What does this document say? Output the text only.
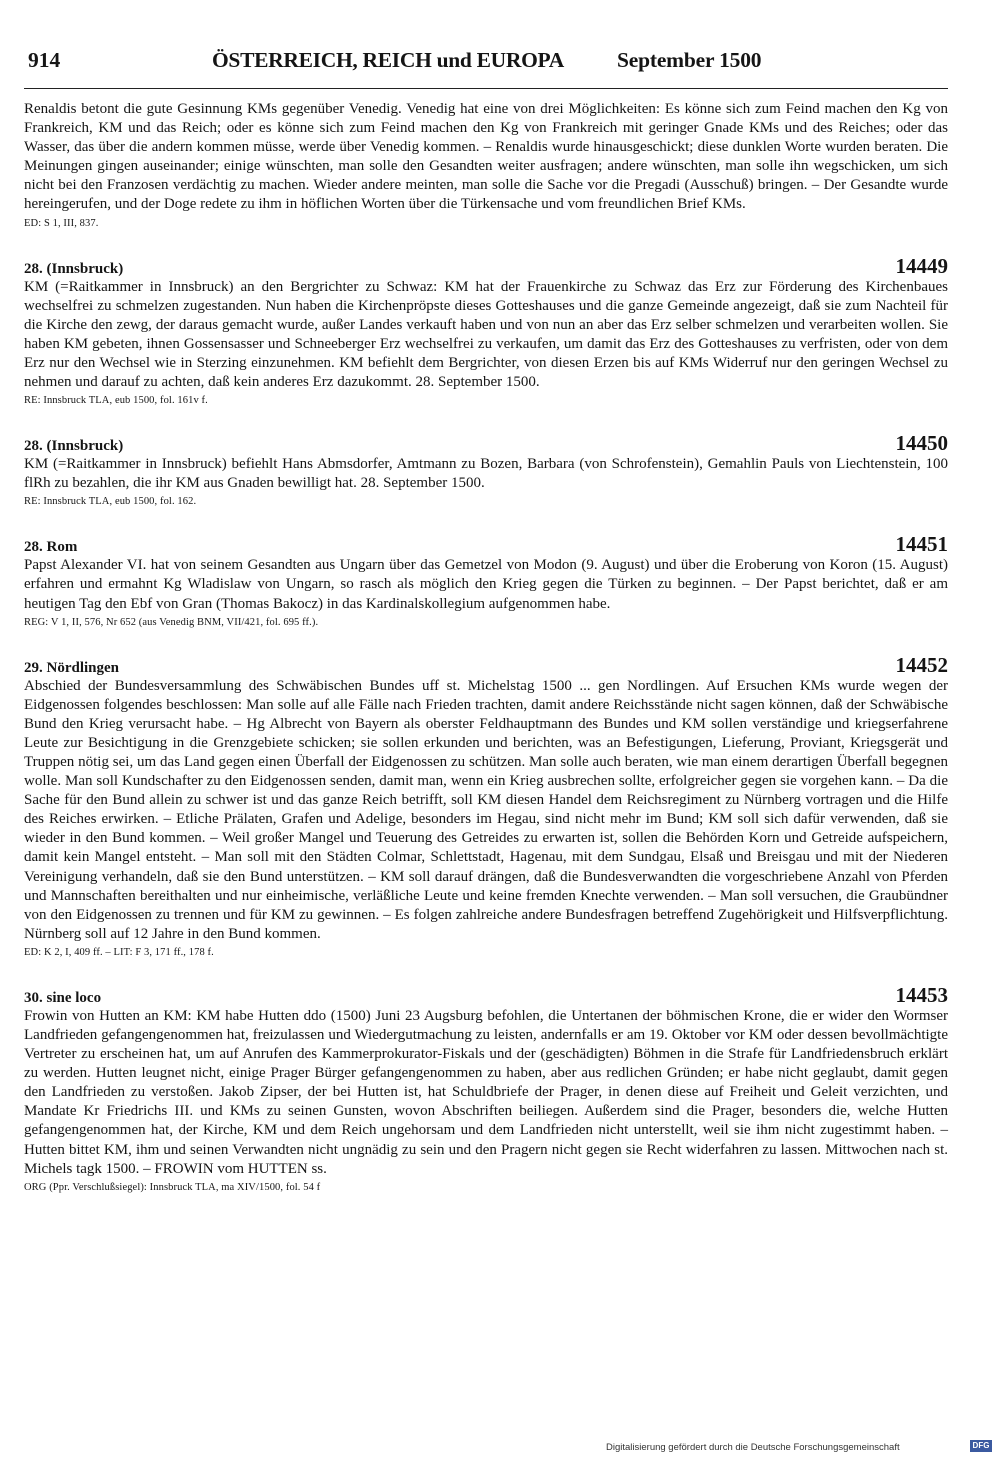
914	ÖSTERREICH, REICH und EUROPA September 1500

Renaldis betont die gute Gesinnung KMs gegenüber Venedig. Venedig hat eine von drei Möglichkeiten: Es könne sich zum Feind machen den Kg von Frankreich, KM und das Reich; oder es könne sich zum Feind machen den Kg von Frankreich mit geringer Gnade KMs und des Reiches; oder das Wasser, das über die andern kommen müsse, werde über Venedig kommen. – Renaldis wurde hinausgeschickt; diese dunklen Worte wurden beraten. Die Meinungen gingen auseinander; einige wünschten, man solle den Gesandten weiter ausfragen; andere wünschten, man solle ihn wegschicken, um sich nicht bei den Franzosen verdächtig zu machen. Wieder andere meinten, man solle die Sache vor die Pregadi (Ausschuß) bringen. – Der Gesandte wurde hereingerufen, und der Doge redete zu ihm in höflichen Worten über die Türkensache und vom freundlichen Brief KMs.

ED: S 1, III, 837.

28. (Innsbruck)	14449

KM (=Raitkammer in Innsbruck) an den Bergrichter zu Schwaz: KM hat der Frauenkirche zu Schwaz das Erz zur Förderung des Kirchenbaues wechselfrei zu schmelzen zugestanden. Nun haben die Kirchenpröpste dieses Gotteshauses und die ganze Gemeinde angezeigt, daß sie zum Nachteil für die Kirche den zewg, der daraus gemacht wurde, außer Landes verkauft haben und von nun an aber das Erz selber schmelzen und verarbeiten wollen. Sie haben KM gebeten, ihnen Gossensasser und Schneeberger Erz wechselfrei zu verkaufen, um damit das Erz des Gotteshauses zu verfristen, oder von dem Erz nur den Wechsel wie in Sterzing einzunehmen. KM befiehlt dem Bergrichter, von diesen Erzen bis auf KMs Widerruf nur den geringen Wechsel zu nehmen und darauf zu achten, daß kein anderes Erz dazukommt. 28. September 1500.

RE: Innsbruck TLA, eub 1500, fol. 161v f.

28. (Innsbruck)	14450

KM (=Raitkammer in Innsbruck) befiehlt Hans Abmsdorfer, Amtmann zu Bozen, Barbara (von Schrofenstein), Gemahlin Pauls von Liechtenstein, 100 flRh zu bezahlen, die ihr KM aus Gnaden bewilligt hat. 28. September 1500.

RE: Innsbruck TLA, eub 1500, fol. 162.

28. Rom	14451

Papst Alexander VI. hat von seinem Gesandten aus Ungarn über das Gemetzel von Modon (9. August) und über die Eroberung von Koron (15. August) erfahren und ermahnt Kg Wladislaw von Ungarn, so rasch als möglich den Krieg gegen die Türken zu beginnen. – Der Papst berichtet, daß er am heutigen Tag den Ebf von Gran (Thomas Bakocz) in das Kardinalskollegium aufgenommen habe.

REG: V 1, II, 576, Nr 652 (aus Venedig BNM, VII/421, fol. 695 ff.).

29. Nördlingen	14452

Abschied der Bundesversammlung des Schwäbischen Bundes uff st. Michelstag 1500 ... gen Nordlingen. Auf Ersuchen KMs wurde wegen der Eidgenossen folgendes beschlossen: Man solle auf alle Fälle nach Frieden trachten, damit andere Reichsstände nicht sagen können, daß der Schwäbische Bund den Krieg verursacht habe. – Hg Albrecht von Bayern als oberster Feldhauptmann des Bundes und KM sollen verständige und kriegserfahrene Leute zur Besichtigung in die Grenzgebiete schicken; sie sollen erkunden und berichten, was an Befestigungen, Lieferung, Proviant, Kriegsgerät und Truppen nötig sei, um das Land gegen einen Überfall der Eidgenossen zu schützen. Man solle auch beraten, wie man einem derartigen Überfall begegnen wolle. Man soll Kundschafter zu den Eidgenossen senden, damit man, wenn ein Krieg ausbrechen sollte, erfolgreicher gegen sie vorgehen kann. – Da die Sache für den Bund allein zu schwer ist und das ganze Reich betrifft, soll KM diesen Handel dem Reichsregiment zu Nürnberg vortragen und die Hilfe des Reiches erwirken. – Etliche Prälaten, Grafen und Adelige, besonders im Hegau, sind nicht mehr im Bund; KM soll sich dafür verwenden, daß sie wieder in den Bund kommen. – Weil großer Mangel und Teuerung des Getreides zu erwarten ist, sollen die Behörden Korn und Getreide aufspeichern, damit kein Mangel entsteht. – Man soll mit den Städten Colmar, Schlettstadt, Hagenau, mit dem Sundgau, Elsaß und Breisgau und mit der Niederen Vereinigung verhandeln, daß sie den Bund unterstützen. – KM soll darauf drängen, daß die Bundesverwandten die vorgeschriebene Anzahl von Pferden und Mannschaften bereithalten und nur einheimische, verläßliche Leute und keine fremden Knechte verwenden. – Man soll versuchen, die Graubündner von den Eidgenossen zu trennen und für KM zu gewinnen. – Es folgen zahlreiche andere Bundesfragen betreffend Zugehörigkeit und Hilfsverpflichtung. Nürnberg soll auf 12 Jahre in den Bund kommen.

ED: K 2, I, 409 ff. – LIT: F 3, 171 ff., 178 f.

30. sine loco	14453

Frowin von Hutten an KM: KM habe Hutten ddo (1500) Juni 23 Augsburg befohlen, die Untertanen der böhmischen Krone, die er wider den Wormser Landfrieden gefangengenommen hat, freizulassen und Wiedergutmachung zu leisten, andernfalls er am 19. Oktober vor KM oder dessen bevollmächtigte Vertreter zu erscheinen hat, um auf Anrufen des Kammerprokurator-Fiskals und der (geschädigten) Böhmen in die Strafe für Landfriedensbruch erklärt zu werden. Hutten leugnet nicht, einige Prager Bürger gefangengenommen zu haben, aber aus redlichen Gründen; er habe nicht geglaubt, damit gegen den Landfrieden zu verstoßen. Jakob Zipser, der bei Hutten ist, hat Schuldbriefe der Prager, in denen diese auf Freiheit und Geleit verzichten, und Mandate Kr Friedrichs III. und KMs zu seinen Gunsten, wovon Abschriften beiliegen. Außerdem sind die Prager, besonders die, welche Hutten gefangengenommen hat, der Kirche, KM und dem Reich ungehorsam und dem Landfrieden nicht unterstellt, weil sie ihm nicht zugestimmt haben. – Hutten bittet KM, ihm und seinen Verwandten nicht ungnädig zu sein und den Pragern nicht gegen sie Recht widerfahren zu lassen. Mittwochen nach st. Michels tagk 1500. – FROWIN vom HUTTEN ss.

ORG (Ppr. Verschlußsiegel): Innsbruck TLA, ma XIV/1500, fol. 54 f

Digitalisierung gefördert durch die Deutsche Forschungsgemeinschaft	DFG
